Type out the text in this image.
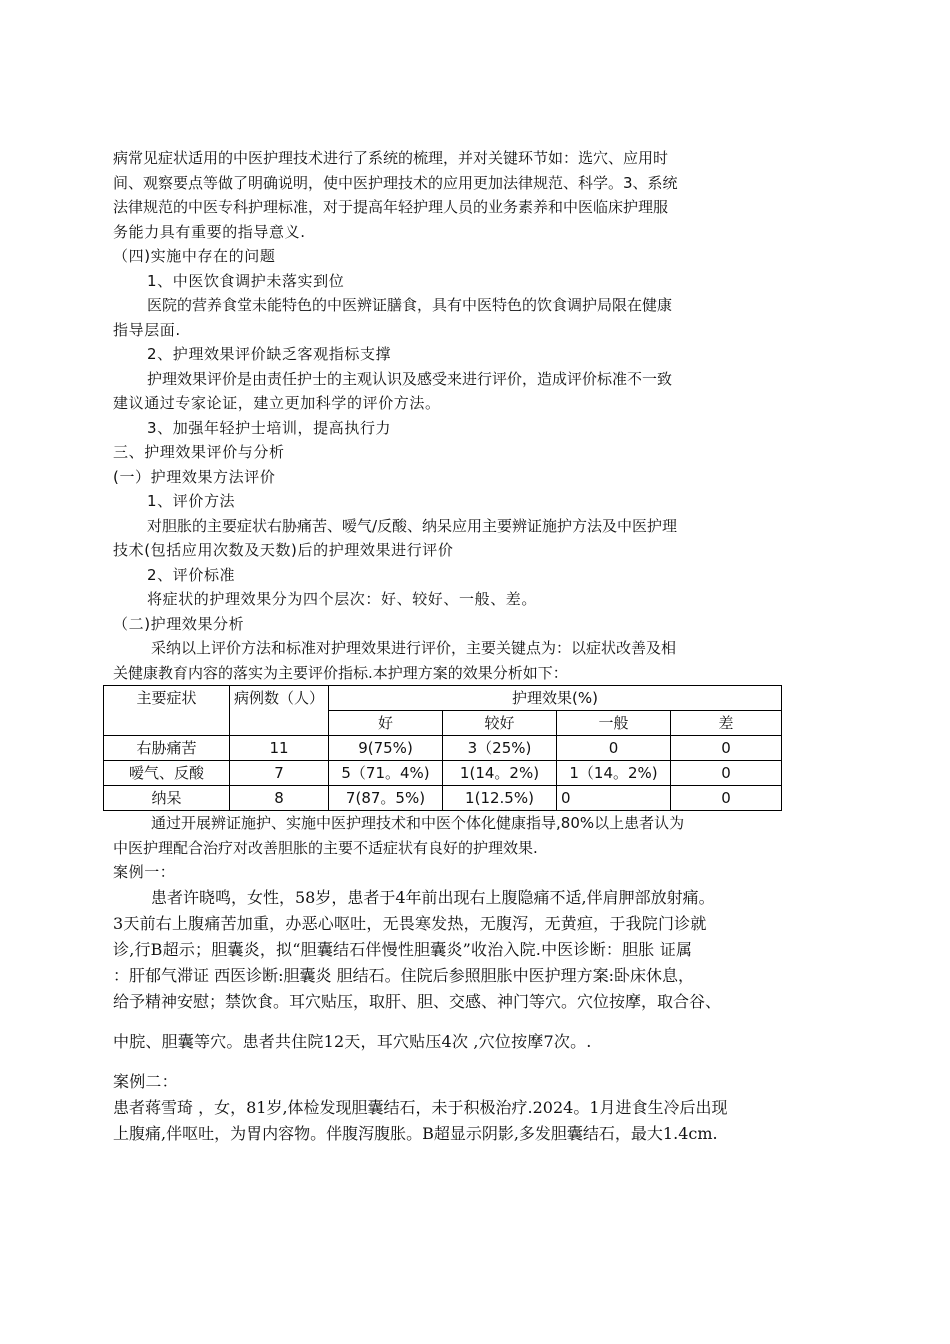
病常见症状适用的中医护理技术进行了系统的梳理，并对关键环节如：选穴、应用时
间、观察要点等做了明确说明，使中医护理技术的应用更加法律规范、科学。3、系统
法律规范的中医专科护理标准，对于提高年轻护理人员的业务素养和中医临床护理服
务能力具有重要的指导意义.
（四)实施中存在的问题
1、中医饮食调护未落实到位
医院的营养食堂未能特色的中医辨证膳食，具有中医特色的饮食调护局限在健康
指导层面.
2、护理效果评价缺乏客观指标支撑
护理效果评价是由责任护士的主观认识及感受来进行评价，造成评价标准不一致
建议通过专家论证，建立更加科学的评价方法。
3、加强年轻护士培训，提高执行力
三、护理效果评价与分析
(一）护理效果方法评价
1、评价方法
对胆胀的主要症状右胁痛苦、嗳气/反酸、纳呆应用主要辨证施护方法及中医护理
技术(包括应用次数及天数)后的护理效果进行评价
2、评价标准
将症状的护理效果分为四个层次：好、较好、一般、差。
（二)护理效果分析
采纳以上评价方法和标准对护理效果进行评价，主要关键点为：以症状改善及相
关健康教育内容的落实为主要评价指标.本护理方案的效果分析如下：
主要症状	病例数（人）	护理效果(%)			
		好	较好	一般	差
右胁痛苦	11	9(75%)	3（25%)	0	0
嗳气、反酸	7	5（71。4%)	1(14。2%)	1（14。2%)	0
纳呆	8	7(87。5%)	1(12.5%)	0	0
通过开展辨证施护、实施中医护理技术和中医个体化健康指导,80%以上患者认为
中医护理配合治疗对改善胆胀的主要不适症状有良好的护理效果.
案例一：
患者许晓鸣，女性，58岁，患者于4年前出现右上腹隐痛不适,伴肩胛部放射痛。
3天前右上腹痛苦加重，办恶心呕吐，无畏寒发热，无腹泻，无黄疸，于我院门诊就
诊,行B超示；胆囊炎，拟“胆囊结石伴慢性胆囊炎”收治入院.中医诊断：胆胀 证属
：肝郁气滞证 西医诊断:胆囊炎 胆结石。住院后参照胆胀中医护理方案:卧床休息，
给予精神安慰；禁饮食。耳穴贴压，取肝、胆、交感、神门等穴。穴位按摩，取合谷、
中脘、胆囊等穴。患者共住院12天，耳穴贴压4次 ,穴位按摩7次。.
案例二：
患者蒋雪琦 ，女，81岁,体检发现胆囊结石，未于积极治疗.2024。1月进食生冷后出现
上腹痛,伴呕吐，为胃内容物。伴腹泻腹胀。B超显示阴影,多发胆囊结石，最大1.4cm.
